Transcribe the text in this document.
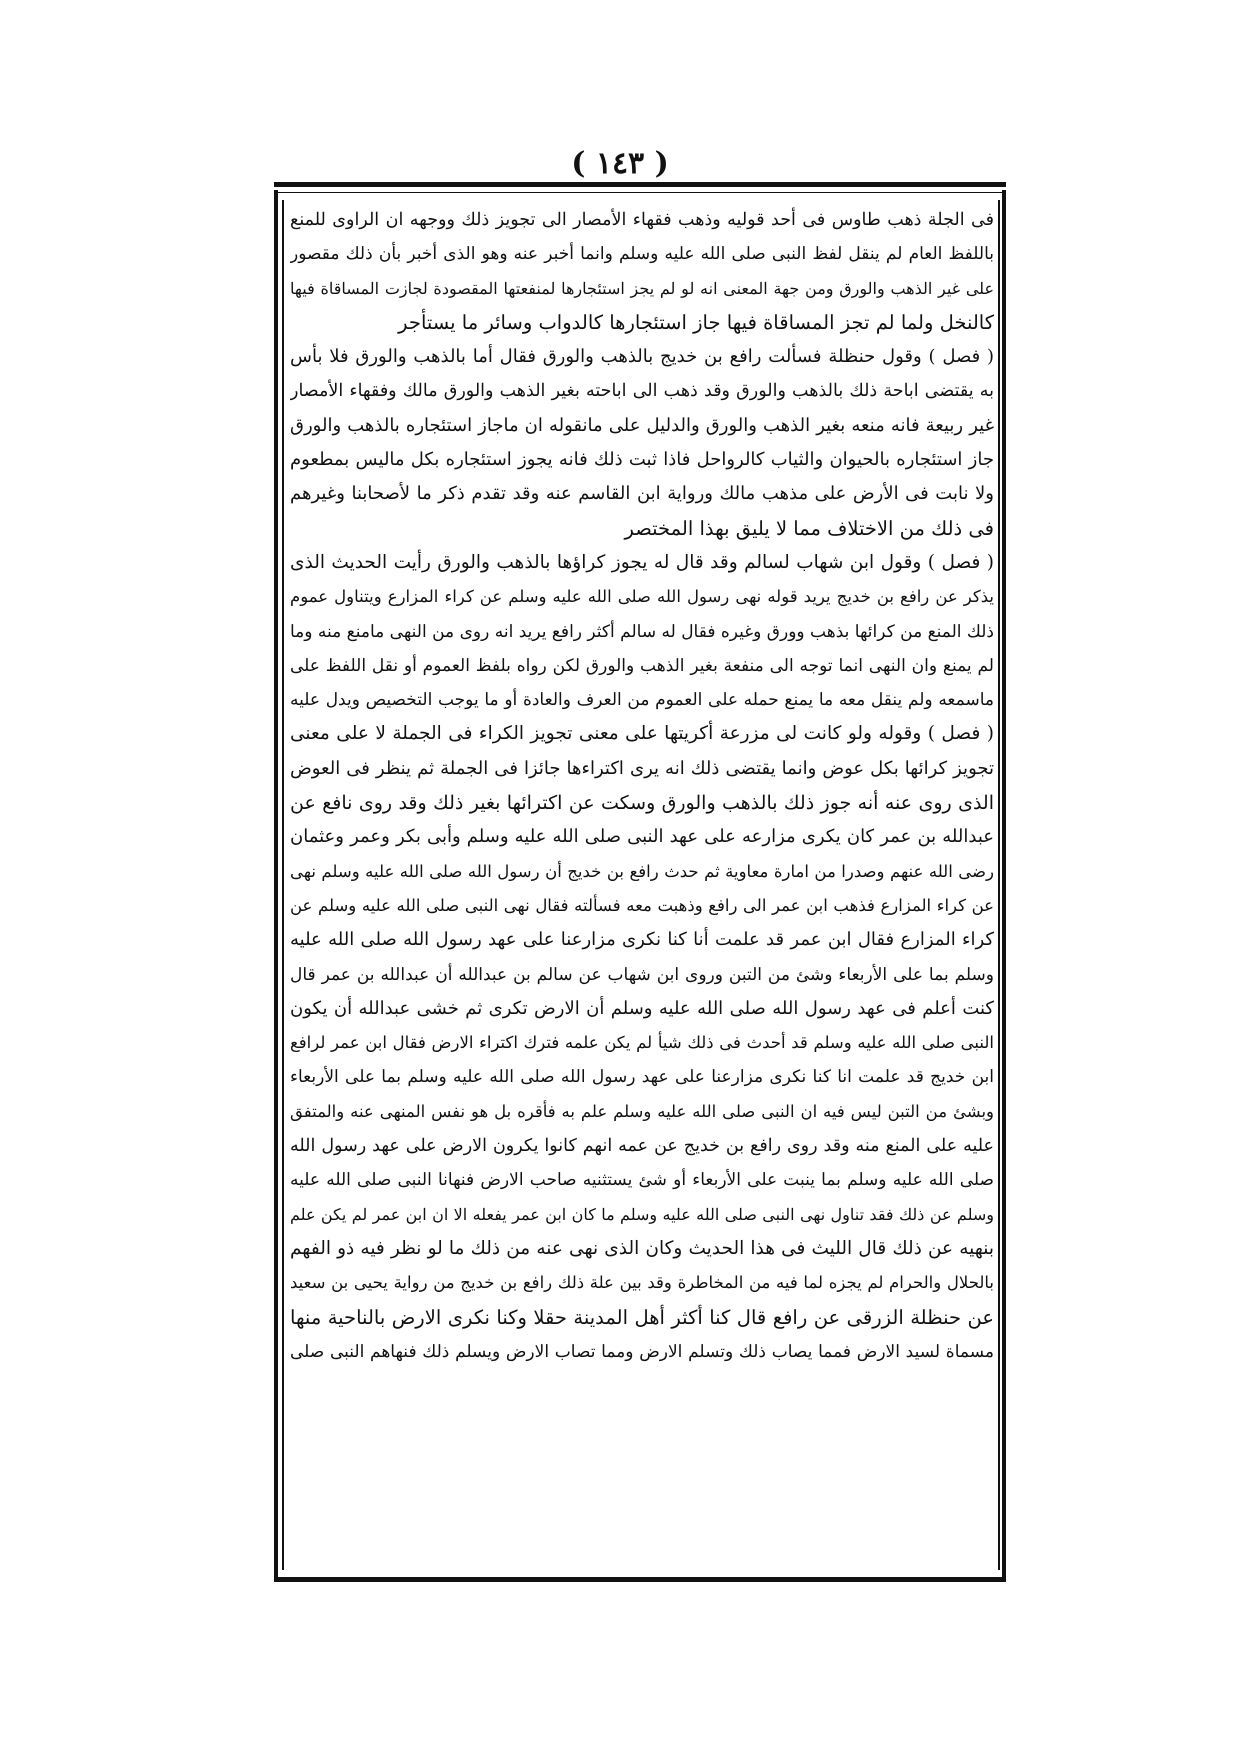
( ١٤٣ )
فى الجلة ذهب طاوس فى أحد قوليه وذهب فقهاء الأمصار الى تجويز ذلك ووجهه ان الراوى للمنع
باللفظ العام لم ينقل لفظ النبى صلى الله عليه وسلم وانما أخبر عنه وهو الذى أخبر بأن ذلك مقصور
على غير الذهب والورق ومن جهة المعنى انه لو لم يجز استئجارها لمنفعتها المقصودة لجازت المساقاة فيها
كالنخل ولما لم تجز المساقاة فيها جاز استئجارها كالدواب وسائر ما يستأجر
( فصل ) وقول حنظلة فسألت رافع بن خديج بالذهب والورق فقال أما بالذهب والورق فلا بأس
به يقتضى اباحة ذلك بالذهب والورق وقد ذهب الى اباحته بغير الذهب والورق مالك وفقهاء الأمصار
غير ربيعة فانه منعه بغير الذهب والورق والدليل على مانقوله ان ماجاز استئجاره بالذهب والورق
جاز استئجاره بالحيوان والثياب كالرواحل فاذا ثبت ذلك فانه يجوز استئجاره بكل ماليس بمطعوم
ولا نابت فى الأرض على مذهب مالك ورواية ابن القاسم عنه وقد تقدم ذكر ما لأصحابنا وغيرهم
فى ذلك من الاختلاف مما لا يليق بهذا المختصر
( فصل ) وقول ابن شهاب لسالم وقد قال له يجوز كراؤها بالذهب والورق رأيت الحديث الذى
يذكر عن رافع بن خديج يريد قوله نهى رسول الله صلى الله عليه وسلم عن كراء المزارع ويتناول عموم
ذلك المنع من كرائها بذهب وورق وغيره فقال له سالم أكثر رافع يريد انه روى من النهى مامنع منه وما
لم يمنع وان النهى انما توجه الى منفعة بغير الذهب والورق لكن رواه بلفظ العموم أو نقل اللفظ على
ماسمعه ولم ينقل معه ما يمنع حمله على العموم من العرف والعادة أو ما يوجب التخصيص ويدل عليه
( فصل ) وقوله ولو كانت لى مزرعة أكريتها على معنى تجويز الكراء فى الجملة لا على معنى
تجويز كرائها بكل عوض وانما يقتضى ذلك انه يرى اكتراءها جائزا فى الجملة ثم ينظر فى العوض
الذى روى عنه أنه جوز ذلك بالذهب والورق وسكت عن اكترائها بغير ذلك وقد روى نافع عن
عبدالله بن عمر كان يكرى مزارعه على عهد النبى صلى الله عليه وسلم وأبى بكر وعمر وعثمان
رضى الله عنهم وصدرا من امارة معاوية ثم حدث رافع بن خديج أن رسول الله صلى الله عليه وسلم نهى
عن كراء المزارع فذهب ابن عمر الى رافع وذهبت معه فسألته فقال نهى النبى صلى الله عليه وسلم عن
كراء المزارع فقال ابن عمر قد علمت أنا كنا نكرى مزارعنا على عهد رسول الله صلى الله عليه
وسلم بما على الأربعاء وشئ من التبن وروى ابن شهاب عن سالم بن عبدالله أن عبدالله بن عمر قال
كنت أعلم فى عهد رسول الله صلى الله عليه وسلم أن الارض تكرى ثم خشى عبدالله أن يكون
النبى صلى الله عليه وسلم قد أحدث فى ذلك شيأ لم يكن علمه فترك اكتراء الارض فقال ابن عمر لرافع
ابن خديج قد علمت انا كنا نكرى مزارعنا على عهد رسول الله صلى الله عليه وسلم بما على الأربعاء
وبشئ من التبن ليس فيه ان النبى صلى الله عليه وسلم علم به فأقره بل هو نفس المنهى عنه والمتفق
عليه على المنع منه وقد روى رافع بن خديج عن عمه انهم كانوا يكرون الارض على عهد رسول الله
صلى الله عليه وسلم بما ينبت على الأربعاء أو شئ يستثنيه صاحب الارض فنهانا النبى صلى الله عليه
وسلم عن ذلك فقد تناول نهى النبى صلى الله عليه وسلم ما كان ابن عمر يفعله الا ان ابن عمر لم يكن علم
بنهيه عن ذلك قال الليث فى هذا الحديث وكان الذى نهى عنه من ذلك ما لو نظر فيه ذو الفهم
بالحلال والحرام لم يجزه لما فيه من المخاطرة وقد بين علة ذلك رافع بن خديج من رواية يحيى بن سعيد
عن حنظلة الزرقى عن رافع قال كنا أكثر أهل المدينة حقلا وكنا نكرى الارض بالناحية منها
مسماة لسيد الارض فمما يصاب ذلك وتسلم الارض ومما تصاب الارض ويسلم ذلك فنهاهم النبى صلى
